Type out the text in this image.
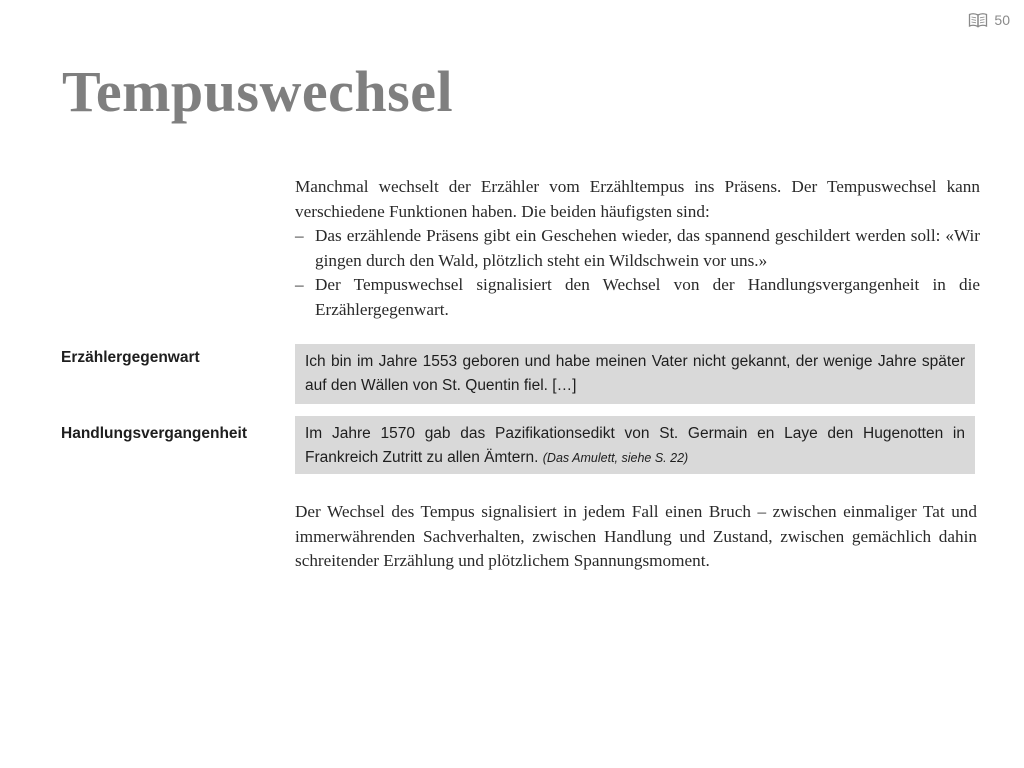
50
Tempuswechsel

Manchmal wechselt der Erzähler vom Erzähltempus ins Präsens. Der Tempuswechsel kann verschiedene Funktionen haben. Die beiden häufigsten sind:

– Das erzählende Präsens gibt ein Geschehen wieder, das spannend geschildert werden soll: «Wir gingen durch den Wald, plötzlich steht ein Wildschwein vor uns.»
– Der Tempuswechsel signalisiert den Wechsel von der Handlungsvergangenheit in die Erzählergegenwart.
Erzählergegenwart	Ich bin im Jahre 1553 geboren und habe meinen Vater nicht gekannt, der wenige Jahre später auf den Wällen von St. Quentin fiel. […]
Handlungsvergangenheit	Im Jahre 1570 gab das Pazifikationsedikt von St. Germain en Laye den Hugenotten in Frankreich Zutritt zu allen Ämtern. (Das Amulett, siehe S. 22)

Der Wechsel des Tempus signalisiert in jedem Fall einen Bruch – zwischen einmaliger Tat und immerwährenden Sachverhalten, zwischen Handlung und Zustand, zwischen gemächlich dahin schreitender Erzählung und plötzlichem Spannungsmoment.
